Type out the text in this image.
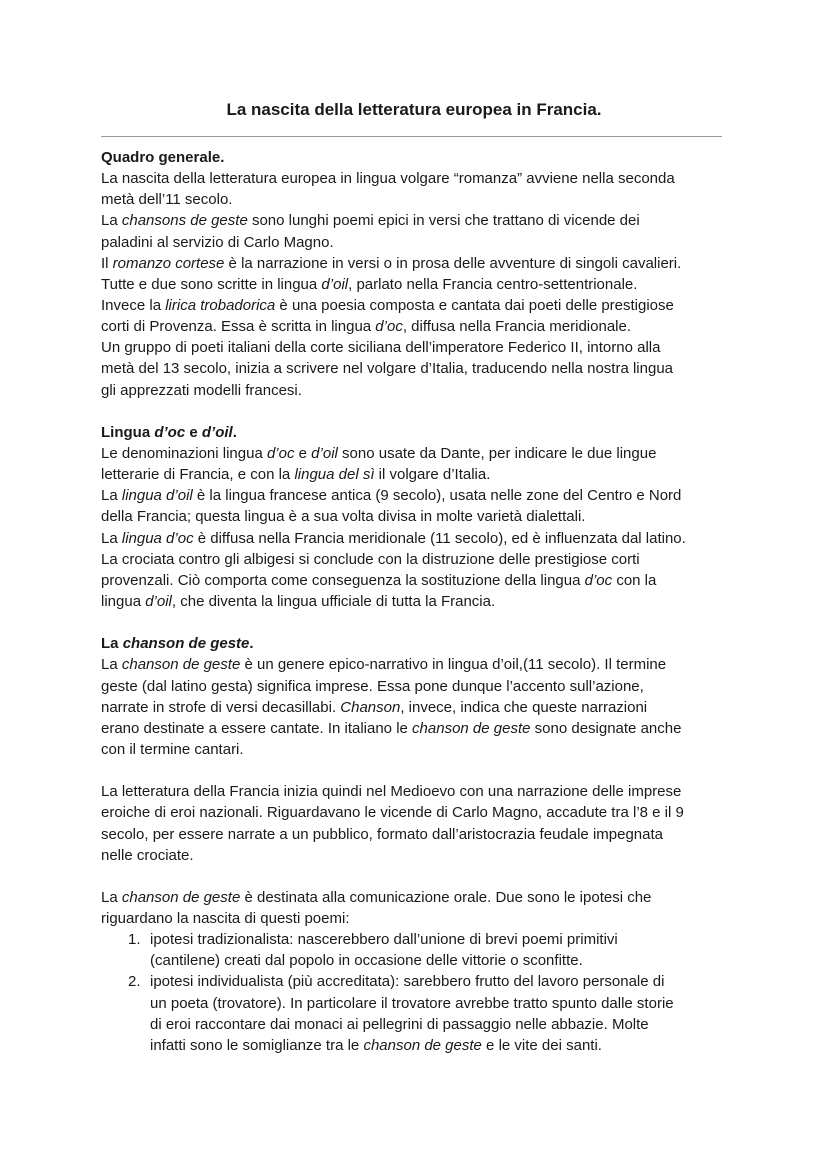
La nascita della letteratura europea in Francia.
Quadro generale.
La nascita della letteratura europea in lingua volgare “romanza” avviene nella seconda
metà dell’11 secolo.
La chansons de geste sono lunghi poemi epici in versi che trattano di vicende dei
paladini al servizio di Carlo Magno.
Il romanzo cortese è la narrazione in versi o in prosa delle avventure di singoli cavalieri.
Tutte e due sono scritte in lingua d’oil, parlato nella Francia centro-settentrionale.
Invece la lirica trobadorica è una poesia composta e cantata dai poeti delle prestigiose
corti di Provenza. Essa è scritta in lingua d’oc, diffusa nella Francia meridionale.
Un gruppo di poeti italiani della corte siciliana dell’imperatore Federico II, intorno alla
metà del 13 secolo, inizia a scrivere nel volgare d’Italia, traducendo nella nostra lingua
gli apprezzati modelli francesi.
Lingua d’oc e d’oil.
Le denominazioni lingua d’oc e d’oil sono usate da Dante, per indicare le due lingue
letterarie di Francia, e con la lingua del sì il volgare d’Italia.
La lingua d’oil è la lingua francese antica (9 secolo), usata nelle zone del Centro e Nord
della Francia; questa lingua è a sua volta divisa in molte varietà dialettali.
La lingua d’oc è diffusa nella Francia meridionale (11 secolo), ed è influenzata dal latino.
La crociata contro gli albigesi si conclude con la distruzione delle prestigiose corti
provenzali. Ciò comporta come conseguenza la sostituzione della lingua d’oc con la
lingua d’oil, che diventa la lingua ufficiale di tutta la Francia.
La chanson de geste.
La chanson de geste è un genere epico-narrativo in lingua d’oil,(11 secolo). Il termine
geste (dal latino gesta) significa imprese. Essa pone dunque l’accento sull’azione,
narrate in strofe di versi decasillabi. Chanson, invece, indica che queste narrazioni
erano destinate a essere cantate. In italiano le chanson de geste sono designate anche
con il termine cantari.
La letteratura della Francia inizia quindi nel Medioevo con una narrazione delle imprese
eroiche di eroi nazionali. Riguardavano le vicende di Carlo Magno, accadute tra l’8 e il 9
secolo, per essere narrate a un pubblico, formato dall’aristocrazia feudale impegnata
nelle crociate.
La chanson de geste è destinata alla comunicazione orale. Due sono le ipotesi che
riguardano la nascita di questi poemi:
1. ipotesi tradizionalista: nascerebbero dall’unione di brevi poemi primitivi
(cantilene) creati dal popolo in occasione delle vittorie o sconfitte.
2. ipotesi individualista (più accreditata): sarebbero frutto del lavoro personale di
un poeta (trovatore). In particolare il trovatore avrebbe tratto spunto dalle storie
di eroi raccontare dai monaci ai pellegrini di passaggio nelle abbazie. Molte
infatti sono le somiglianze tra le chanson de geste e le vite dei santi.
